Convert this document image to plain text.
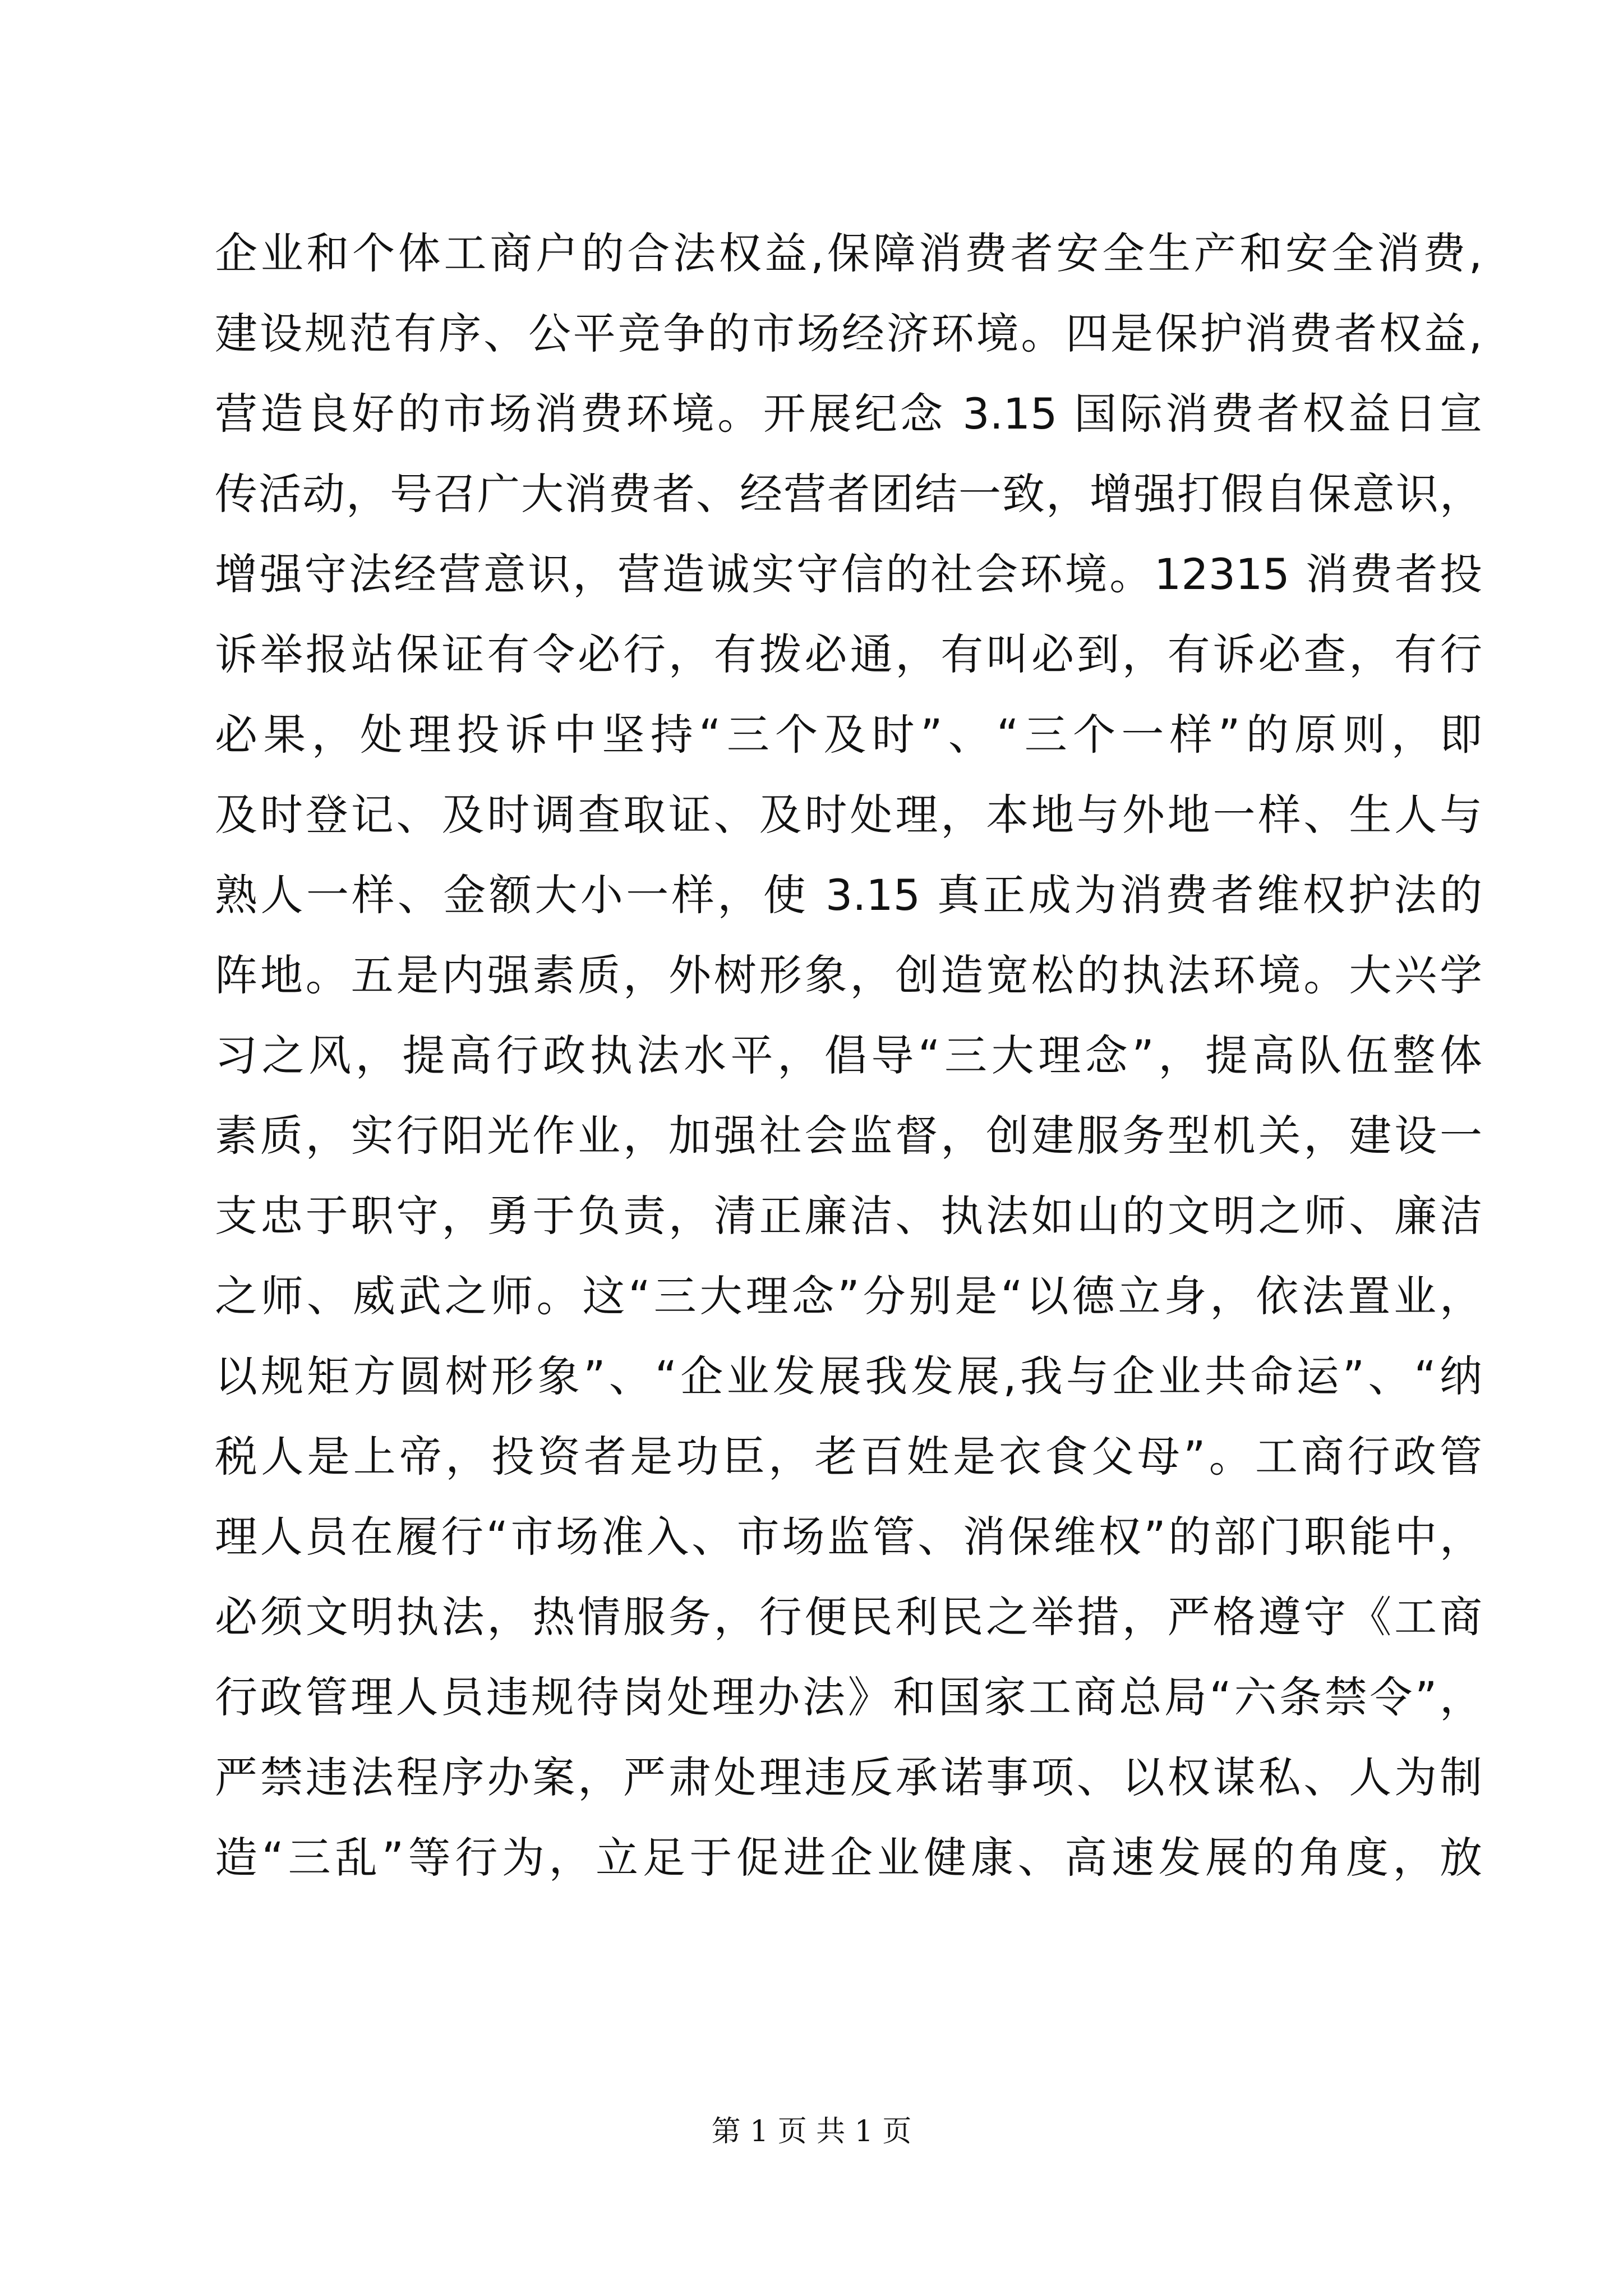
企业和个体工商户的合法权益,保障消费者安全生产和安全消费,
建设规范有序、公平竞争的市场经济环境。四是保护消费者权益,
营造良好的市场消费环境。开展纪念 3.15 国际消费者权益日宣
传活动，号召广大消费者、经营者团结一致，增强打假自保意识，
增强守法经营意识，营造诚实守信的社会环境。12315 消费者投
诉举报站保证有令必行，有拨必通，有叫必到，有诉必查，有行
必果，处理投诉中坚持“三个及时”、“三个一样”的原则，即
及时登记、及时调查取证、及时处理，本地与外地一样、生人与
熟人一样、金额大小一样，使 3.15 真正成为消费者维权护法的
阵地。五是内强素质，外树形象，创造宽松的执法环境。大兴学
习之风，提高行政执法水平，倡导“三大理念”，提高队伍整体
素质，实行阳光作业，加强社会监督，创建服务型机关，建设一
支忠于职守，勇于负责，清正廉洁、执法如山的文明之师、廉洁
之师、威武之师。这“三大理念”分别是“以德立身，依法置业，
以规矩方圆树形象”、“企业发展我发展,我与企业共命运”、“纳
税人是上帝，投资者是功臣，老百姓是衣食父母”。工商行政管
理人员在履行“市场准入、市场监管、消保维权”的部门职能中，
必须文明执法，热情服务，行便民利民之举措，严格遵守《工商
行政管理人员违规待岗处理办法》和国家工商总局“六条禁令”，
严禁违法程序办案，严肃处理违反承诺事项、以权谋私、人为制
造“三乱”等行为，立足于促进企业健康、高速发展的角度，放
第 1 页 共 1 页
